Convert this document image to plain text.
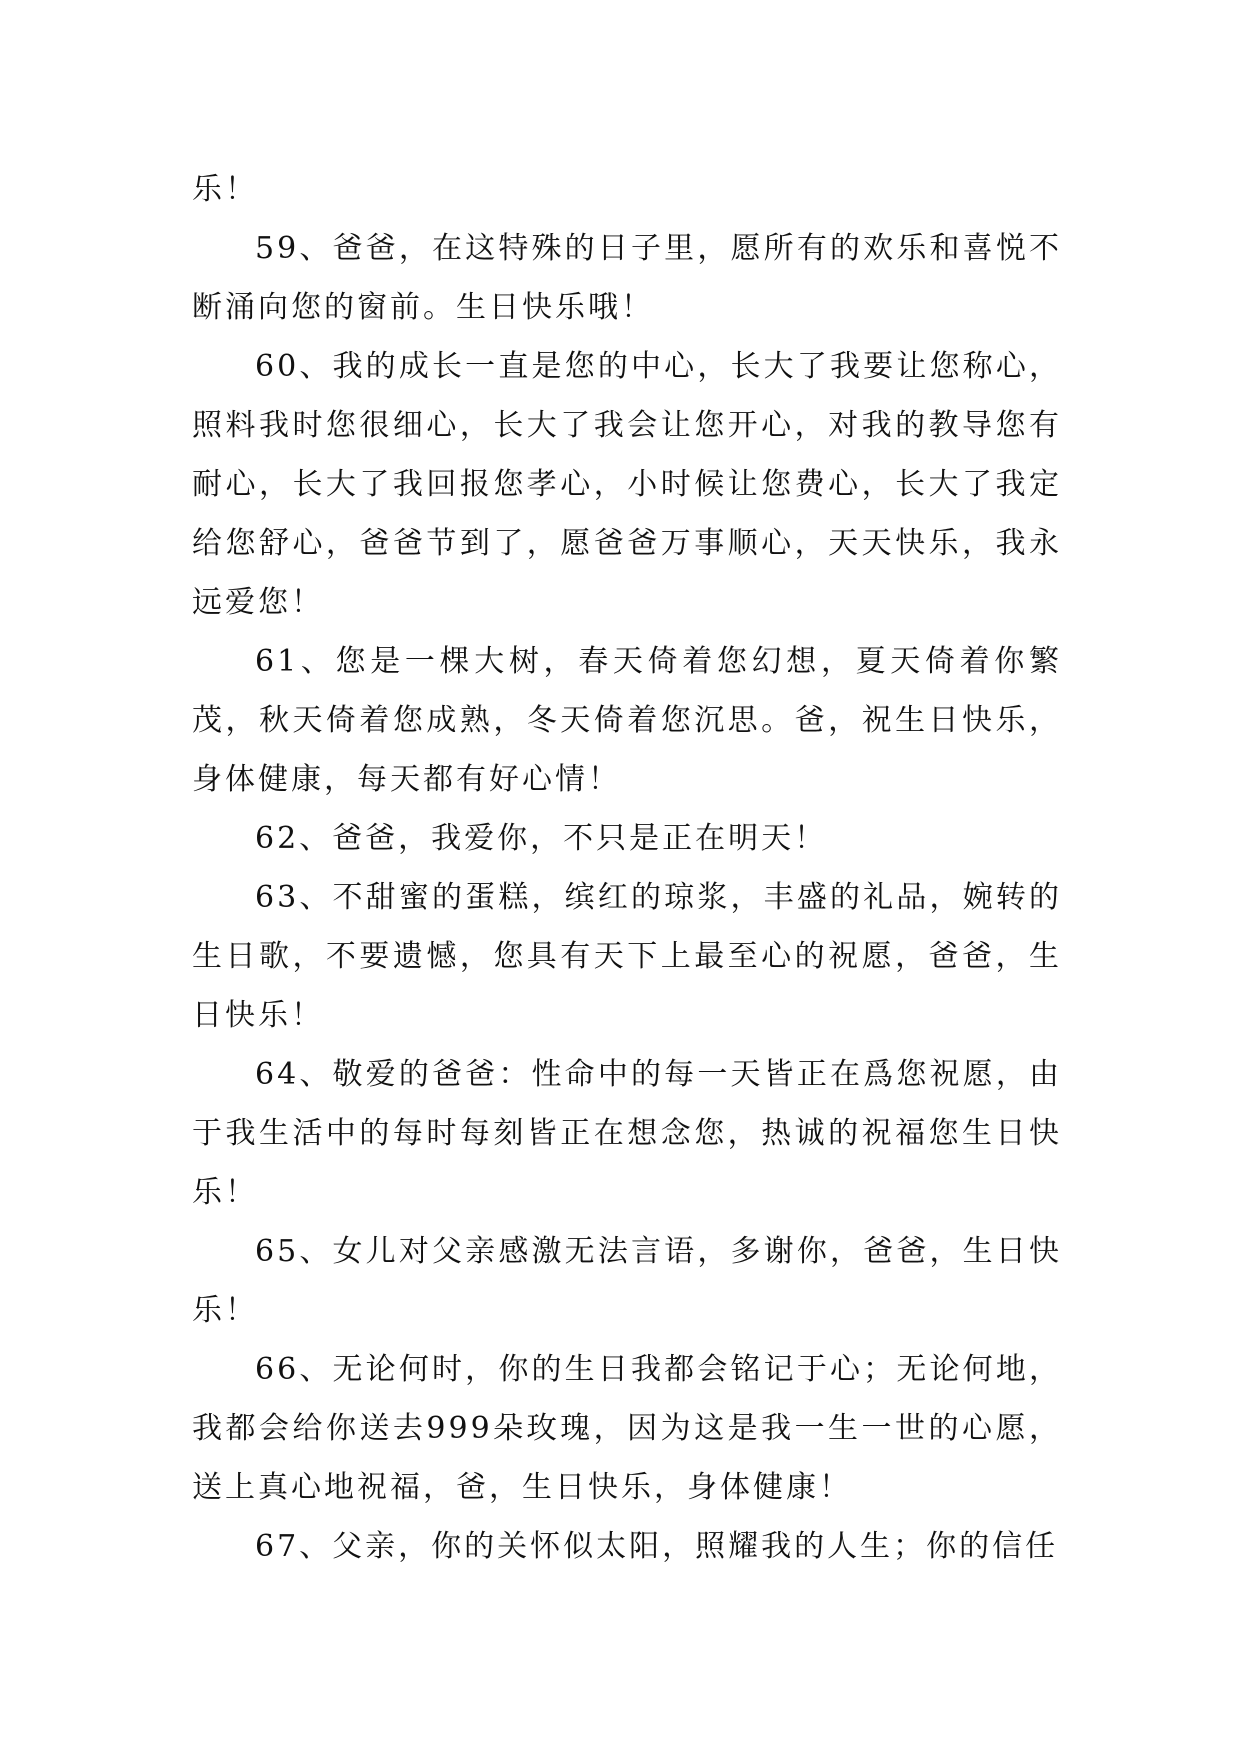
乐！

59、爸爸，在这特殊的日子里，愿所有的欢乐和喜悦不断涌向您的窗前。生日快乐哦！

60、我的成长一直是您的中心，长大了我要让您称心，照料我时您很细心，长大了我会让您开心，对我的教导您有耐心，长大了我回报您孝心，小时候让您费心，长大了我定给您舒心，爸爸节到了，愿爸爸万事顺心，天天快乐，我永远爱您！

61、您是一棵大树，春天倚着您幻想，夏天倚着你繁茂，秋天倚着您成熟，冬天倚着您沉思。爸，祝生日快乐，身体健康，每天都有好心情！

62、爸爸，我爱你，不只是正在明天！

63、不甜蜜的蛋糕，缤红的琼浆，丰盛的礼品，婉转的生日歌，不要遗憾，您具有天下上最至心的祝愿，爸爸，生日快乐！

64、敬爱的爸爸：性命中的每一天皆正在爲您祝愿，由于我生活中的每时每刻皆正在想念您，热诚的祝福您生日快乐！

65、女儿对父亲感激无法言语，多谢你，爸爸，生日快乐！

66、无论何时，你的生日我都会铭记于心；无论何地，我都会给你送去999朵玫瑰，因为这是我一生一世的心愿，送上真心地祝福，爸，生日快乐，身体健康！

67、父亲，你的关怀似太阳，照耀我的人生；你的信任
